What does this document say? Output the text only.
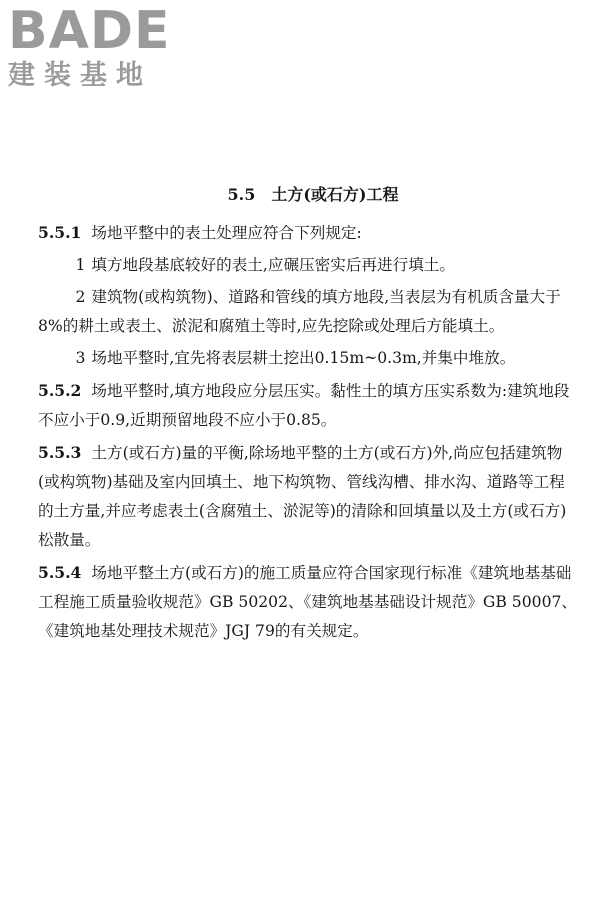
BADE
建装基地
5.5 土方(或石方)工程

5.5.1 场地平整中的表土处理应符合下列规定:

1 填方地段基底较好的表土,应碾压密实后再进行填土。

2 建筑物(或构筑物)、道路和管线的填方地段,当表层为有机质含量大于8%的耕土或表土、淤泥和腐殖土等时,应先挖除或处理后方能填土。

3 场地平整时,宜先将表层耕土挖出0.15m~0.3m,并集中堆放。

5.5.2 场地平整时,填方地段应分层压实。黏性土的填方压实系数为:建筑地段不应小于0.9,近期预留地段不应小于0.85。

5.5.3 土方(或石方)量的平衡,除场地平整的土方(或石方)外,尚应包括建筑物(或构筑物)基础及室内回填土、地下构筑物、管线沟槽、排水沟、道路等工程的土方量,并应考虑表土(含腐殖土、淤泥等)的清除和回填量以及土方(或石方)松散量。

5.5.4 场地平整土方(或石方)的施工质量应符合国家现行标准《建筑地基基础工程施工质量验收规范》GB 50202、《建筑地基基础设计规范》GB 50007、《建筑地基处理技术规范》JGJ 79的有关规定。
